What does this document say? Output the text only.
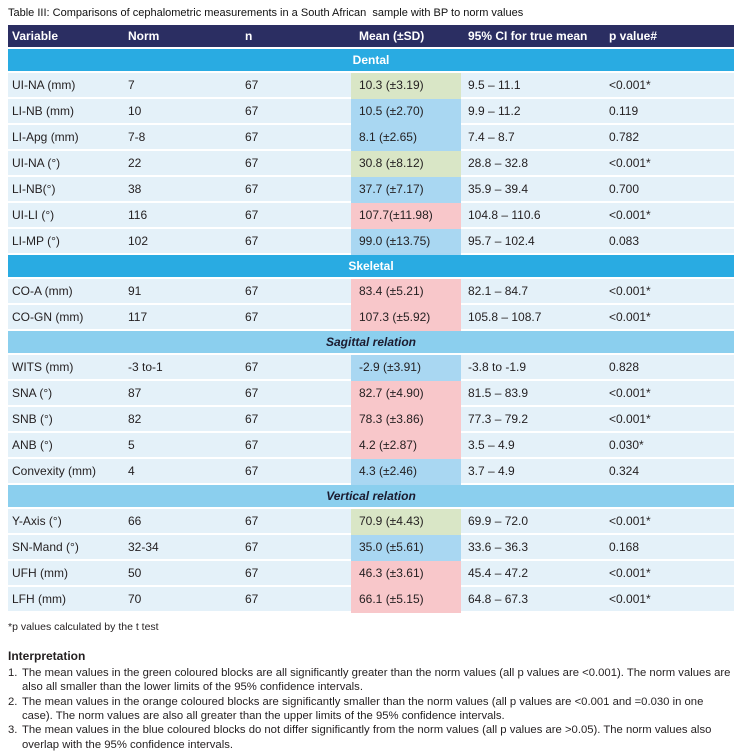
Table III: Comparisons of cephalometric measurements in a South African  sample with BP to norm values
Variable	Norm	n	Mean (±SD)	95% CI for true mean	p value#
Dental					
UI-NA (mm)	7	67	10.3 (±3.19)	9.5 – 11.1	<0.001*
LI-NB (mm)	10	67	10.5 (±2.70)	9.9 – 11.2	0.119
LI-Apg (mm)	7-8	67	8.1 (±2.65)	7.4 – 8.7	0.782
UI-NA (°)	22	67	30.8 (±8.12)	28.8 – 32.8	<0.001*
LI-NB(°)	38	67	37.7 (±7.17)	35.9 – 39.4	0.700
UI-LI (°)	116	67	107.7(±11.98)	104.8 – 110.6	<0.001*
LI-MP (°)	102	67	99.0 (±13.75)	95.7 – 102.4	0.083
Skeletal					
CO-A (mm)	91	67	83.4 (±5.21)	82.1 – 84.7	<0.001*
CO-GN (mm)	117	67	107.3 (±5.92)	105.8 – 108.7	<0.001*
Sagittal relation					
WITS (mm)	-3 to-1	67	-2.9 (±3.91)	-3.8 to -1.9	0.828
SNA (°)	87	67	82.7 (±4.90)	81.5 – 83.9	<0.001*
SNB (°)	82	67	78.3 (±3.86)	77.3 – 79.2	<0.001*
ANB (°)	5	67	4.2 (±2.87)	3.5 – 4.9	0.030*
Convexity (mm)	4	67	4.3 (±2.46)	3.7 – 4.9	0.324
Vertical relation					
Y-Axis (°)	66	67	70.9 (±4.43)	69.9 – 72.0	<0.001*
SN-Mand (°)	32-34	67	35.0 (±5.61)	33.6 – 36.3	0.168
UFH (mm)	50	67	46.3 (±3.61)	45.4 – 47.2	<0.001*
LFH (mm)	70	67	66.1 (±5.15)	64.8 – 67.3	<0.001*
*p values calculated by the t test
Interpretation
1. The mean values in the green coloured blocks are all significantly greater than the norm values (all p values are <0.001). The norm values are also all smaller than the lower limits of the 95% confidence intervals.
2. The mean values in the orange coloured blocks are significantly smaller than the norm values (all p values are <0.001 and =0.030 in one case). The norm values are also all greater than the upper limits of the 95% confidence intervals.
3. The mean values in the blue coloured blocks do not differ significantly from the norm values (all p values are >0.05). The norm values also overlap with the 95% confidence intervals.
